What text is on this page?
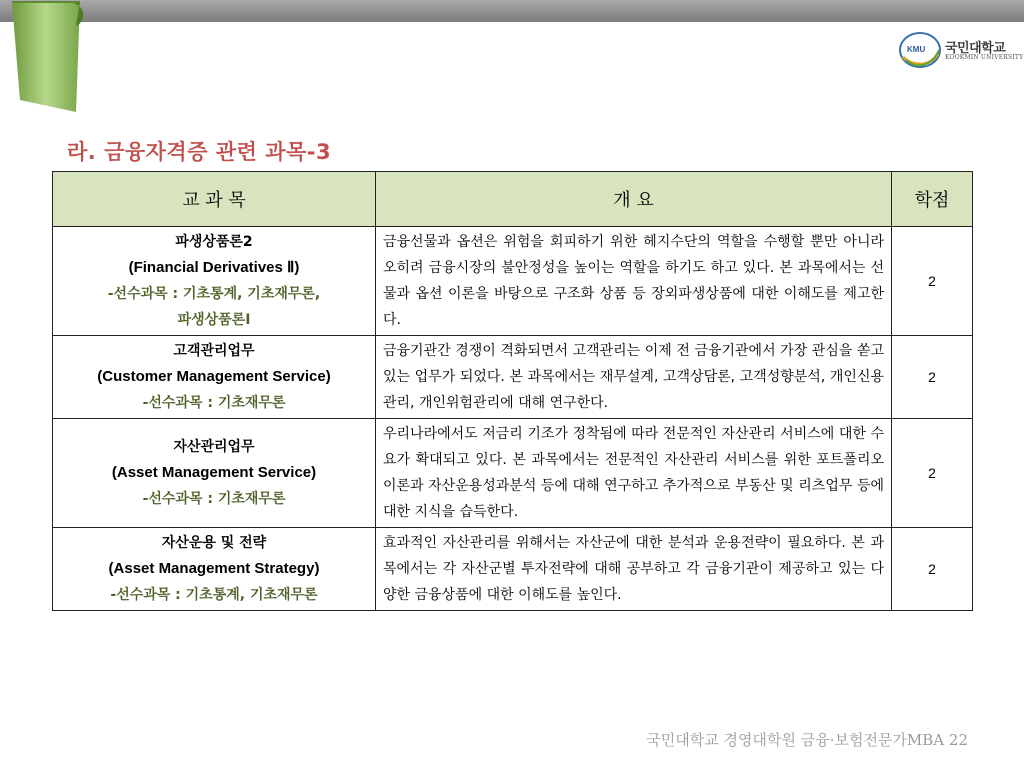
KMU 국민대학교
KOOKMIN UNIVERSITY
라. 금융자격증 관련 과목-3
교 과 목	개 요	학점

파생상품론2
(Financial Derivatives Ⅱ)
-선수과목 : 기초통계, 기초재무론,
파생상품론Ⅰ	금융선물과 옵션은 위험을 회피하기 위한 헤지수단의 역할을 수행할 뿐만 아니라 오히려 금융시장의 불안정성을 높이는 역할을 하기도 하고 있다. 본 과목에서는 선물과 옵션 이론을 바탕으로 구조화 상품 등 장외파생상품에 대한 이해도를 제고한다.	2

고객관리업무
(Customer Management Service)
-선수과목 : 기초재무론	금융기관간 경쟁이 격화되면서 고객관리는 이제 전 금융기관에서 가장 관심을 쏟고 있는 업무가 되었다. 본 과목에서는 재무설계, 고객상담론, 고객성향분석, 개인신용관리, 개인위험관리에 대해 연구한다.	2

자산관리업무
(Asset Management Service)
-선수과목 : 기초재무론	우리나라에서도 저금리 기조가 정착됨에 따라 전문적인 자산관리 서비스에 대한 수요가 확대되고 있다. 본 과목에서는 전문적인 자산관리 서비스를 위한 포트폴리오 이론과 자산운용성과분석 등에 대해 연구하고 추가적으로 부동산 및 리츠업무 등에 대한 지식을 습득한다.	2

자산운용 및 전략
(Asset Management Strategy)
-선수과목 : 기초통계, 기초재무론	효과적인 자산관리를 위해서는 자산군에 대한 분석과 운용전략이 필요하다. 본 과목에서는 각 자산군별 투자전략에 대해 공부하고 각 금융기관이 제공하고 있는 다양한 금융상품에 대한 이해도를 높인다.	2
국민대학교 경영대학원 금융·보험전문가MBA 22
